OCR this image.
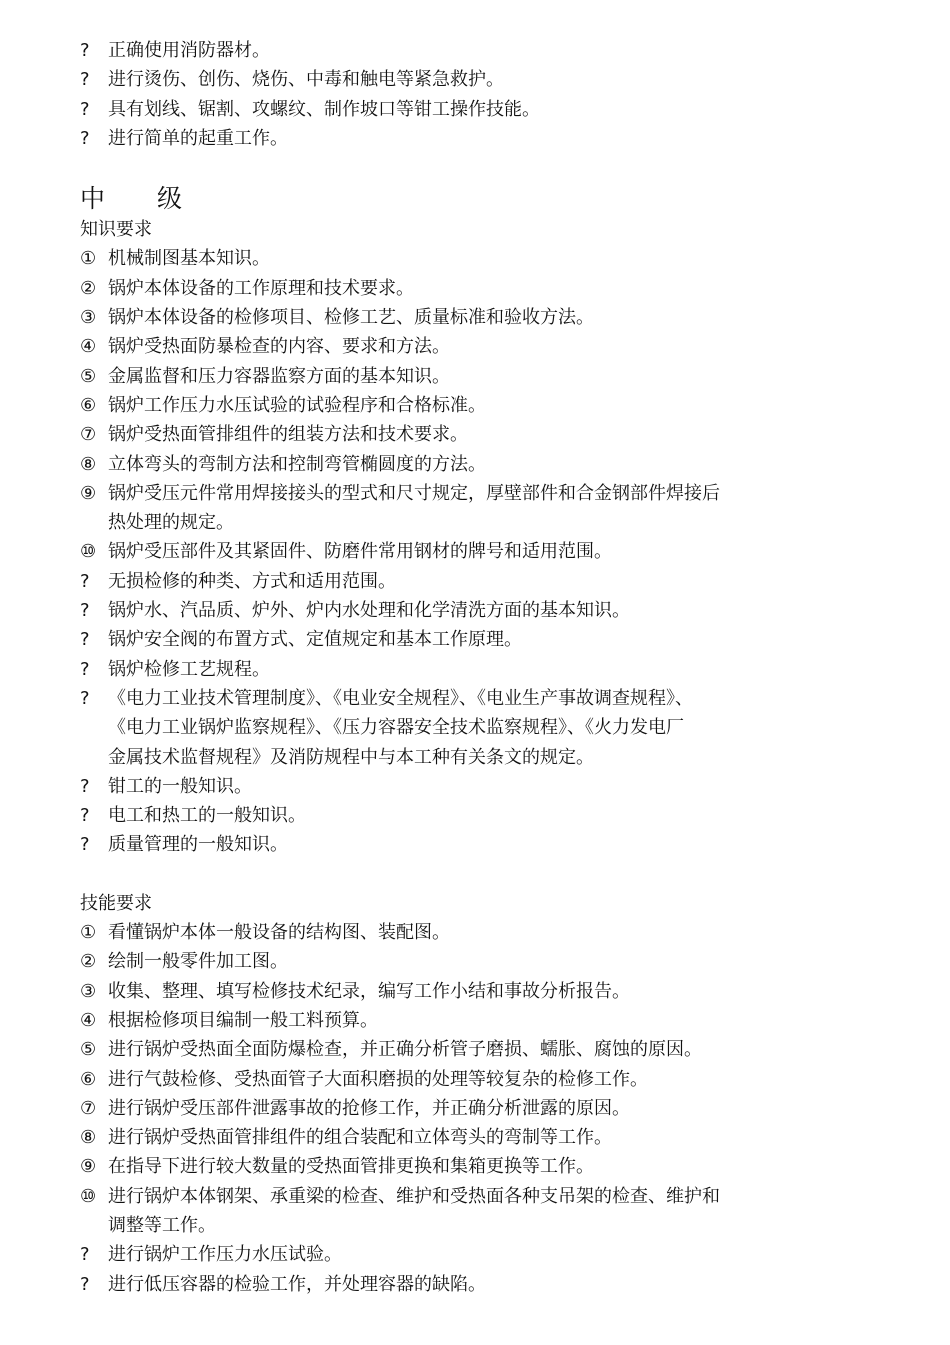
?	正确使用消防器材。
?	进行烫伤、创伤、烧伤、中毒和触电等紧急救护。
?	具有划线、锯割、攻螺纹、制作坡口等钳工操作技能。
?	进行简单的起重工作。
中 级
知识要求
① 机械制图基本知识。
② 锅炉本体设备的工作原理和技术要求。
③ 锅炉本体设备的检修项目、检修工艺、质量标准和验收方法。
④ 锅炉受热面防暴检查的内容、要求和方法。
⑤ 金属监督和压力容器监察方面的基本知识。
⑥ 锅炉工作压力水压试验的试验程序和合格标准。
⑦ 锅炉受热面管排组件的组装方法和技术要求。
⑧ 立体弯头的弯制方法和控制弯管椭圆度的方法。
⑨ 锅炉受压元件常用焊接接头的型式和尺寸规定，厚壁部件和合金钢部件焊接后
热处理的规定。
⑩ 锅炉受压部件及其紧固件、防磨件常用钢材的牌号和适用范围。
?	无损检修的种类、方式和适用范围。
?	锅炉水、汽品质、炉外、炉内水处理和化学清洗方面的基本知识。
?	锅炉安全阀的布置方式、定值规定和基本工作原理。
?	锅炉检修工艺规程。
?	《电力工业技术管理制度》、《电业安全规程》、《电业生产事故调查规程》、
《电力工业锅炉监察规程》、《压力容器安全技术监察规程》、《火力发电厂
金属技术监督规程》及消防规程中与本工种有关条文的规定。
?	钳工的一般知识。
?	电工和热工的一般知识。
?	质量管理的一般知识。
技能要求
① 看懂锅炉本体一般设备的结构图、装配图。
② 绘制一般零件加工图。
③ 收集、整理、填写检修技术纪录，编写工作小结和事故分析报告。
④ 根据检修项目编制一般工料预算。
⑤ 进行锅炉受热面全面防爆检查，并正确分析管子磨损、蠕胀、腐蚀的原因。
⑥ 进行气鼓检修、受热面管子大面积磨损的处理等较复杂的检修工作。
⑦ 进行锅炉受压部件泄露事故的抢修工作，并正确分析泄露的原因。
⑧ 进行锅炉受热面管排组件的组合装配和立体弯头的弯制等工作。
⑨ 在指导下进行较大数量的受热面管排更换和集箱更换等工作。
⑩ 进行锅炉本体钢架、承重梁的检查、维护和受热面各种支吊架的检查、维护和
调整等工作。
?	进行锅炉工作压力水压试验。
?	进行低压容器的检验工作，并处理容器的缺陷。
